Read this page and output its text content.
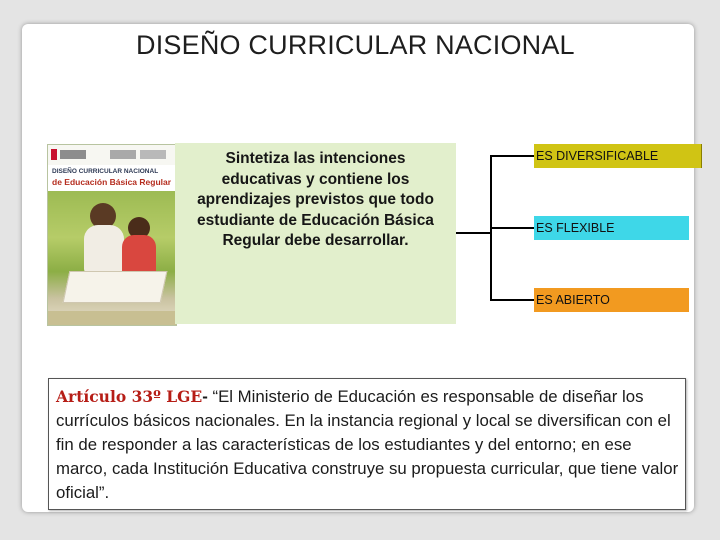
DISEÑO CURRICULAR NACIONAL
DISEÑO CURRICULAR NACIONAL
de Educación Básica Regular
Sintetiza las intenciones educativas y contiene los aprendizajes previstos que todo estudiante de Educación Básica Regular debe desarrollar.
ES DIVERSIFICABLE
ES FLEXIBLE
ES ABIERTO
Artículo 33º LGE- “El Ministerio de Educación es responsable de diseñar los currículos básicos nacionales. En la instancia regional y local se diversifican con el fin de responder a las características de los estudiantes y del entorno; en ese marco, cada Institución Educativa construye su propuesta curricular, que tiene valor oficial”.
